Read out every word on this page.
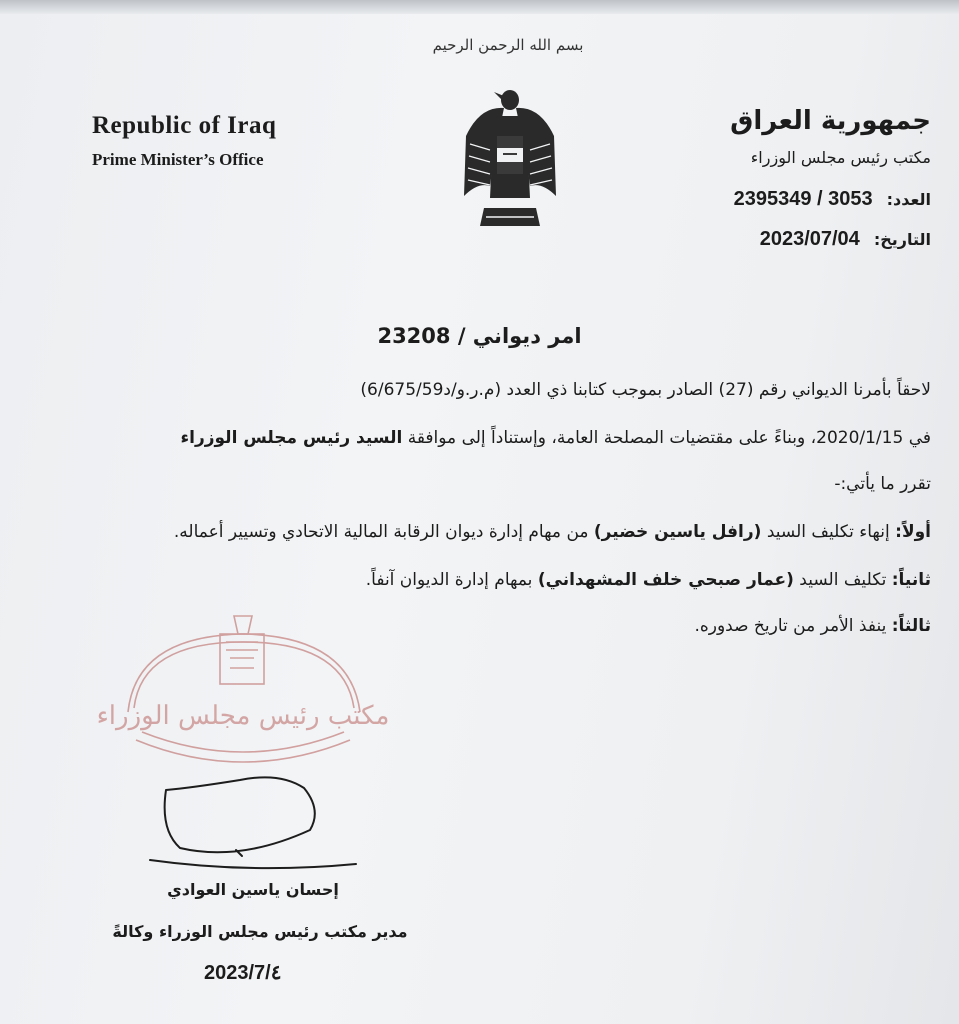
بسم الله الرحمن الرحيم
Republic of Iraq
Prime Minister’s Office
جمهورية العراق
مكتب رئيس مجلس الوزراء
العدد:
2395349 / 3053
التاريخ:
2023/07/04
امر ديواني / 23208
لاحقاً بأمرنا الديواني رقم (27) الصادر بموجب كتابنا ذي العدد (م.ر.و/د6/675/59)
في 2020/1/15، وبناءً على مقتضيات المصلحة العامة، وإستناداً إلى موافقة السيد رئيس مجلس الوزراء
تقرر ما يأتي:-
أولاً: إنهاء تكليف السيد (رافل ياسين خضير) من مهام إدارة ديوان الرقابة المالية الاتحادي وتسيير أعماله.
ثانياً: تكليف السيد (عمار صبحي خلف المشهداني) بمهام إدارة الديوان آنفاً.
ثالثاً: ينفذ الأمر من تاريخ صدوره.
مكتب رئيس مجلس الوزراء
إحسان ياسين العوادي
مدير مكتب رئيس مجلس الوزراء وكالةً
2023/7/٤
